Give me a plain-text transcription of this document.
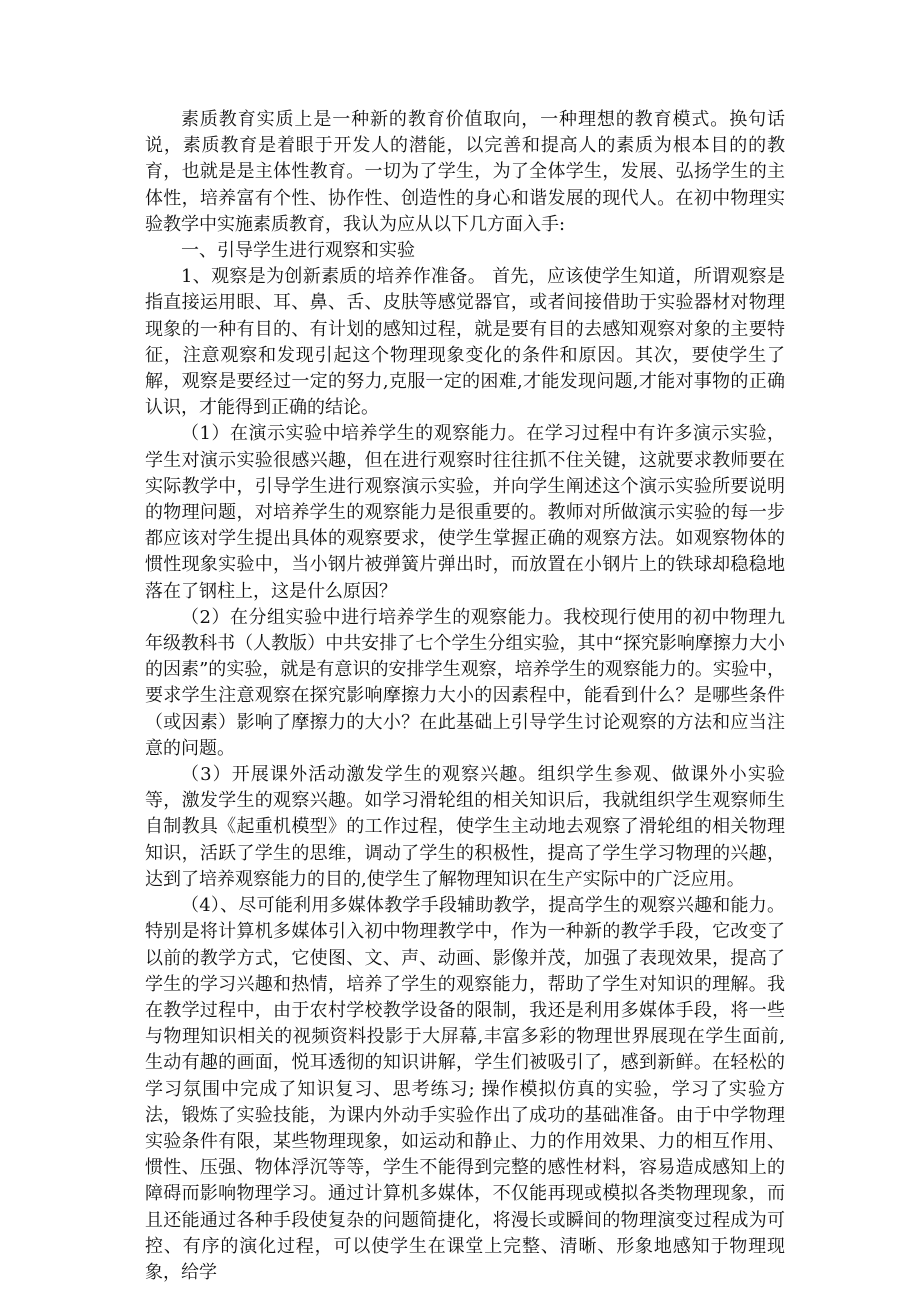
素质教育实质上是一种新的教育价值取向，一种理想的教育模式。换句话说，素质教育是着眼于开发人的潜能，以完善和提高人的素质为根本目的的教育，也就是是主体性教育。一切为了学生，为了全体学生，发展、弘扬学生的主体性，培养富有个性、协作性、创造性的身心和谐发展的现代人。在初中物理实验教学中实施素质教育，我认为应从以下几方面入手:

一、引导学生进行观察和实验

1、观察是为创新素质的培养作准备。 首先，应该使学生知道，所谓观察是指直接运用眼、耳、鼻、舌、皮肤等感觉器官，或者间接借助于实验器材对物理现象的一种有目的、有计划的感知过程，就是要有目的去感知观察对象的主要特征，注意观察和发现引起这个物理现象变化的条件和原因。其次，要使学生了解，观察是要经过一定的努力,克服一定的困难,才能发现问题,才能对事物的正确认识，才能得到正确的结论。

（1）在演示实验中培养学生的观察能力。在学习过程中有许多演示实验，学生对演示实验很感兴趣，但在进行观察时往往抓不住关键，这就要求教师要在实际教学中，引导学生进行观察演示实验，并向学生阐述这个演示实验所要说明的物理问题，对培养学生的观察能力是很重要的。教师对所做演示实验的每一步都应该对学生提出具体的观察要求，使学生掌握正确的观察方法。如观察物体的惯性现象实验中，当小钢片被弹簧片弹出时，而放置在小钢片上的铁球却稳稳地落在了钢柱上，这是什么原因？

（2）在分组实验中进行培养学生的观察能力。我校现行使用的初中物理九年级教科书（人教版）中共安排了七个学生分组实验，其中“探究影响摩擦力大小的因素”的实验，就是有意识的安排学生观察，培养学生的观察能力的。实验中，要求学生注意观察在探究影响摩擦力大小的因素程中，能看到什么？是哪些条件（或因素）影响了摩擦力的大小？在此基础上引导学生讨论观察的方法和应当注意的问题。

（3）开展课外活动激发学生的观察兴趣。组织学生参观、做课外小实验等，激发学生的观察兴趣。如学习滑轮组的相关知识后，我就组织学生观察师生自制教具《起重机模型》的工作过程，使学生主动地去观察了滑轮组的相关物理知识，活跃了学生的思维，调动了学生的积极性，提高了学生学习物理的兴趣，达到了培养观察能力的目的,使学生了解物理知识在生产实际中的广泛应用。

（4）、尽可能利用多媒体教学手段辅助教学，提高学生的观察兴趣和能力。特别是将计算机多媒体引入初中物理教学中，作为一种新的教学手段，它改变了以前的教学方式，它使图、文、声、动画、影像并茂，加强了表现效果，提高了学生的学习兴趣和热情，培养了学生的观察能力，帮助了学生对知识的理解。我在教学过程中，由于农村学校教学设备的限制，我还是利用多媒体手段，将一些与物理知识相关的视频资料投影于大屏幕,丰富多彩的物理世界展现在学生面前,生动有趣的画面，悦耳透彻的知识讲解，学生们被吸引了，感到新鲜。在轻松的学习氛围中完成了知识复习、思考练习; 操作模拟仿真的实验，学习了实验方法，锻炼了实验技能，为课内外动手实验作出了成功的基础准备。由于中学物理实验条件有限，某些物理现象，如运动和静止、力的作用效果、力的相互作用、惯性、压强、物体浮沉等等，学生不能得到完整的感性材料，容易造成感知上的障碍而影响物理学习。通过计算机多媒体，不仅能再现或模拟各类物理现象，而且还能通过各种手段使复杂的问题简捷化，将漫长或瞬间的物理演变过程成为可控、有序的演化过程，可以使学生在课堂上完整、清晰、形象地感知于物理现象，给学
